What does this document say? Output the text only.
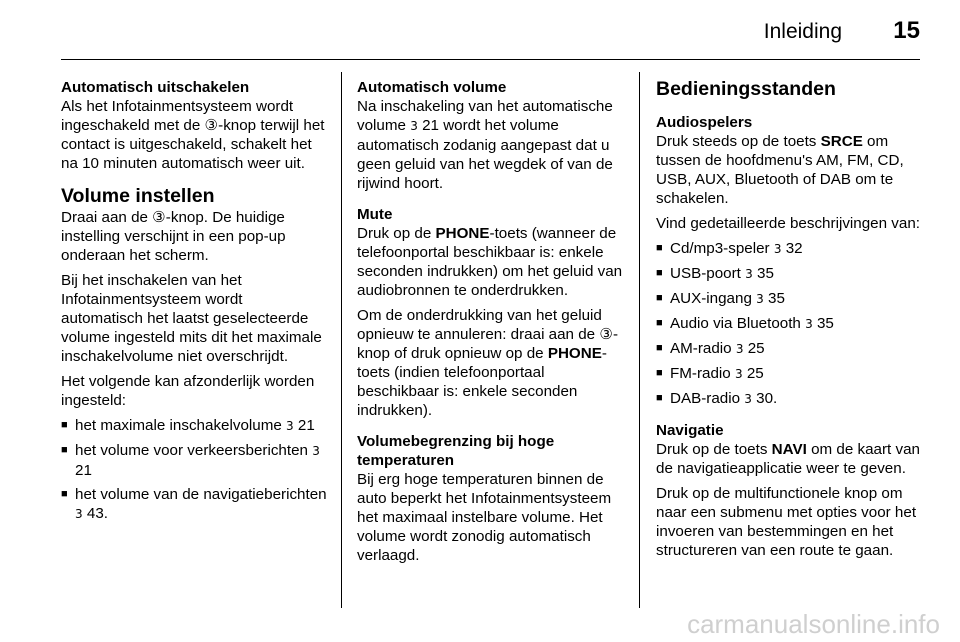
Inleiding 15
Automatisch uitschakelen

Als het Infotainmentsysteem wordt ingeschakeld met de ③-knop terwijl het contact is uitgeschakeld, schakelt het na 10 minuten automatisch weer uit.

Volume instellen

Draai aan de ③-knop. De huidige instelling verschijnt in een pop-up onderaan het scherm.

Bij het inschakelen van het Infotainmentsysteem wordt automatisch het laatst geselecteerde volume ingesteld mits dit het maximale inschakelvolume niet overschrijdt.

Het volgende kan afzonderlijk worden ingesteld:

■ het maximale inschakelvolume 3 21
■ het volume voor verkeersberichten 3 21
■ het volume van de navigatieberichten 3 43.
Automatisch volume

Na inschakeling van het automatische volume 3 21 wordt het volume automatisch zodanig aangepast dat u geen geluid van het wegdek of van de rijwind hoort.

Mute

Druk op de PHONE-toets (wanneer de telefoonportal beschikbaar is: enkele seconden indrukken) om het geluid van audiobronnen te onderdrukken.

Om de onderdrukking van het geluid opnieuw te annuleren: draai aan de ③-knop of druk opnieuw op de PHONE-toets (indien telefoonportaal beschikbaar is: enkele seconden indrukken).

Volumebegrenzing bij hoge temperaturen

Bij erg hoge temperaturen binnen de auto beperkt het Infotainmentsysteem het maximaal instelbare volume. Het volume wordt zonodig automatisch verlaagd.

Bedieningsstanden
Audiospelers

Druk steeds op de toets SRCE om tussen de hoofdmenu's AM, FM, CD, USB, AUX, Bluetooth of DAB om te schakelen.

Vind gedetailleerde beschrijvingen van:

■ Cd/mp3-speler 3 32
■ USB-poort 3 35
■ AUX-ingang 3 35
■ Audio via Bluetooth 3 35
■ AM-radio 3 25
■ FM-radio 3 25
■ DAB-radio 3 30.
Navigatie

Druk op de toets NAVI om de kaart van de navigatieapplicatie weer te geven.

Druk op de multifunctionele knop om naar een submenu met opties voor het invoeren van bestemmingen en het structureren van een route te gaan.

carmanualsonline.info
